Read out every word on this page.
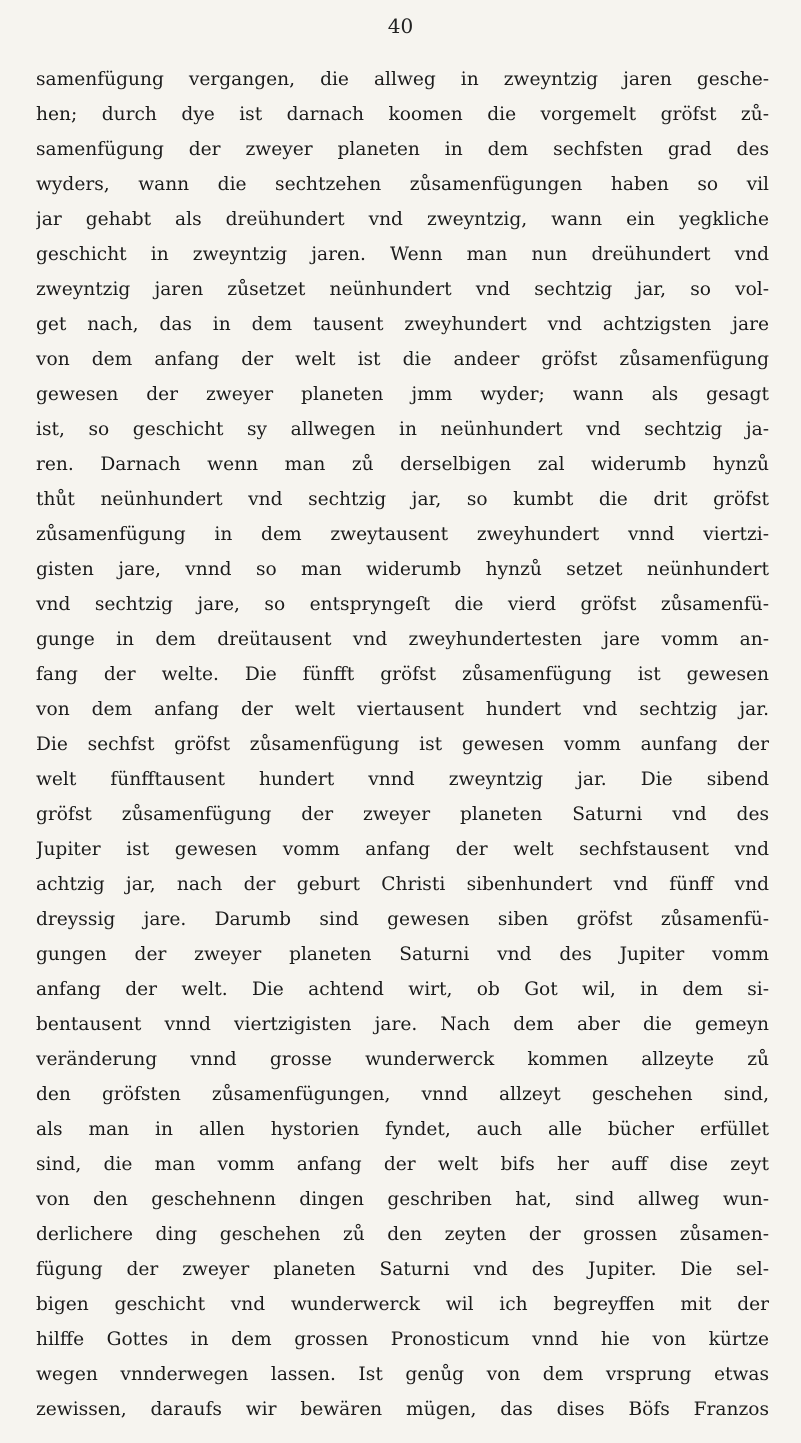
40
samenfügung vergangen, die allweg in zweyntzig jaren gesche-
hen; durch dye ist darnach koomen die vorgemelt gröfst zů-
samenfügung der zweyer planeten in dem sechfsten grad des
wyders, wann die sechtzehen zůsamenfügungen haben so vil
jar gehabt als dreühundert vnd zweyntzig, wann ein yegkliche
geschicht in zweyntzig jaren. Wenn man nun dreühundert vnd
zweyntzig jaren zůsetzet neünhundert vnd sechtzig jar, so vol-
get nach, das in dem tausent zweyhundert vnd achtzigsten jare
von dem anfang der welt ist die andeer gröfst zůsamenfügung
gewesen der zweyer planeten jmm wyder; wann als gesagt
ist, so geschicht sy allwegen in neünhundert vnd sechtzig ja-
ren. Darnach wenn man zů derselbigen zal widerumb hynzů
thůt neünhundert vnd sechtzig jar, so kumbt die drit gröfst
zůsamenfügung in dem zweytausent zweyhundert vnnd viertzi-
gisten jare, vnnd so man widerumb hynzů setzet neünhundert
vnd sechtzig jare, so entspryngeſt die vierd gröfst zůsamenfü-
gunge in dem dreütausent vnd zweyhundertesten jare vomm an-
fang der welte. Die fünfft gröfst zůsamenfügung ist gewesen
von dem anfang der welt viertausent hundert vnd sechtzig jar.
Die sechfst gröfst zůsamenfügung ist gewesen vomm aunfang der
welt fünfftausent hundert vnnd zweyntzig jar. Die sibend
gröfst zůsamenfügung der zweyer planeten Saturni vnd des
Jupiter ist gewesen vomm anfang der welt sechfstausent vnd
achtzig jar, nach der geburt Christi sibenhundert vnd fünff vnd
dreyssig jare. Darumb sind gewesen siben gröfst zůsamenfü-
gungen der zweyer planeten Saturni vnd des Jupiter vomm
anfang der welt. Die achtend wirt, ob Got wil, in dem si-
bentausent vnnd viertzigisten jare. Nach dem aber die gemeyn
veränderung vnnd grosse wunderwerck kommen allzeyte zů
den gröfsten zůsamenfügungen, vnnd allzeyt geschehen sind,
als man in allen hystorien fyndet, auch alle bücher erfüllet
sind, die man vomm anfang der welt bifs her auff dise zeyt
von den geschehnenn dingen geschriben hat, sind allweg wun-
derlichere ding geschehen zů den zeyten der grossen zůsamen-
fügung der zweyer planeten Saturni vnd des Jupiter. Die sel-
bigen geschicht vnd wunderwerck wil ich begreyffen mit der
hilffe Gottes in dem grossen Pronosticum vnnd hie von kürtze
wegen vnnderwegen lassen. Ist genůg von dem vrsprung etwas
zewissen, daraufs wir bewären mügen, das dises Böfs Franzos
